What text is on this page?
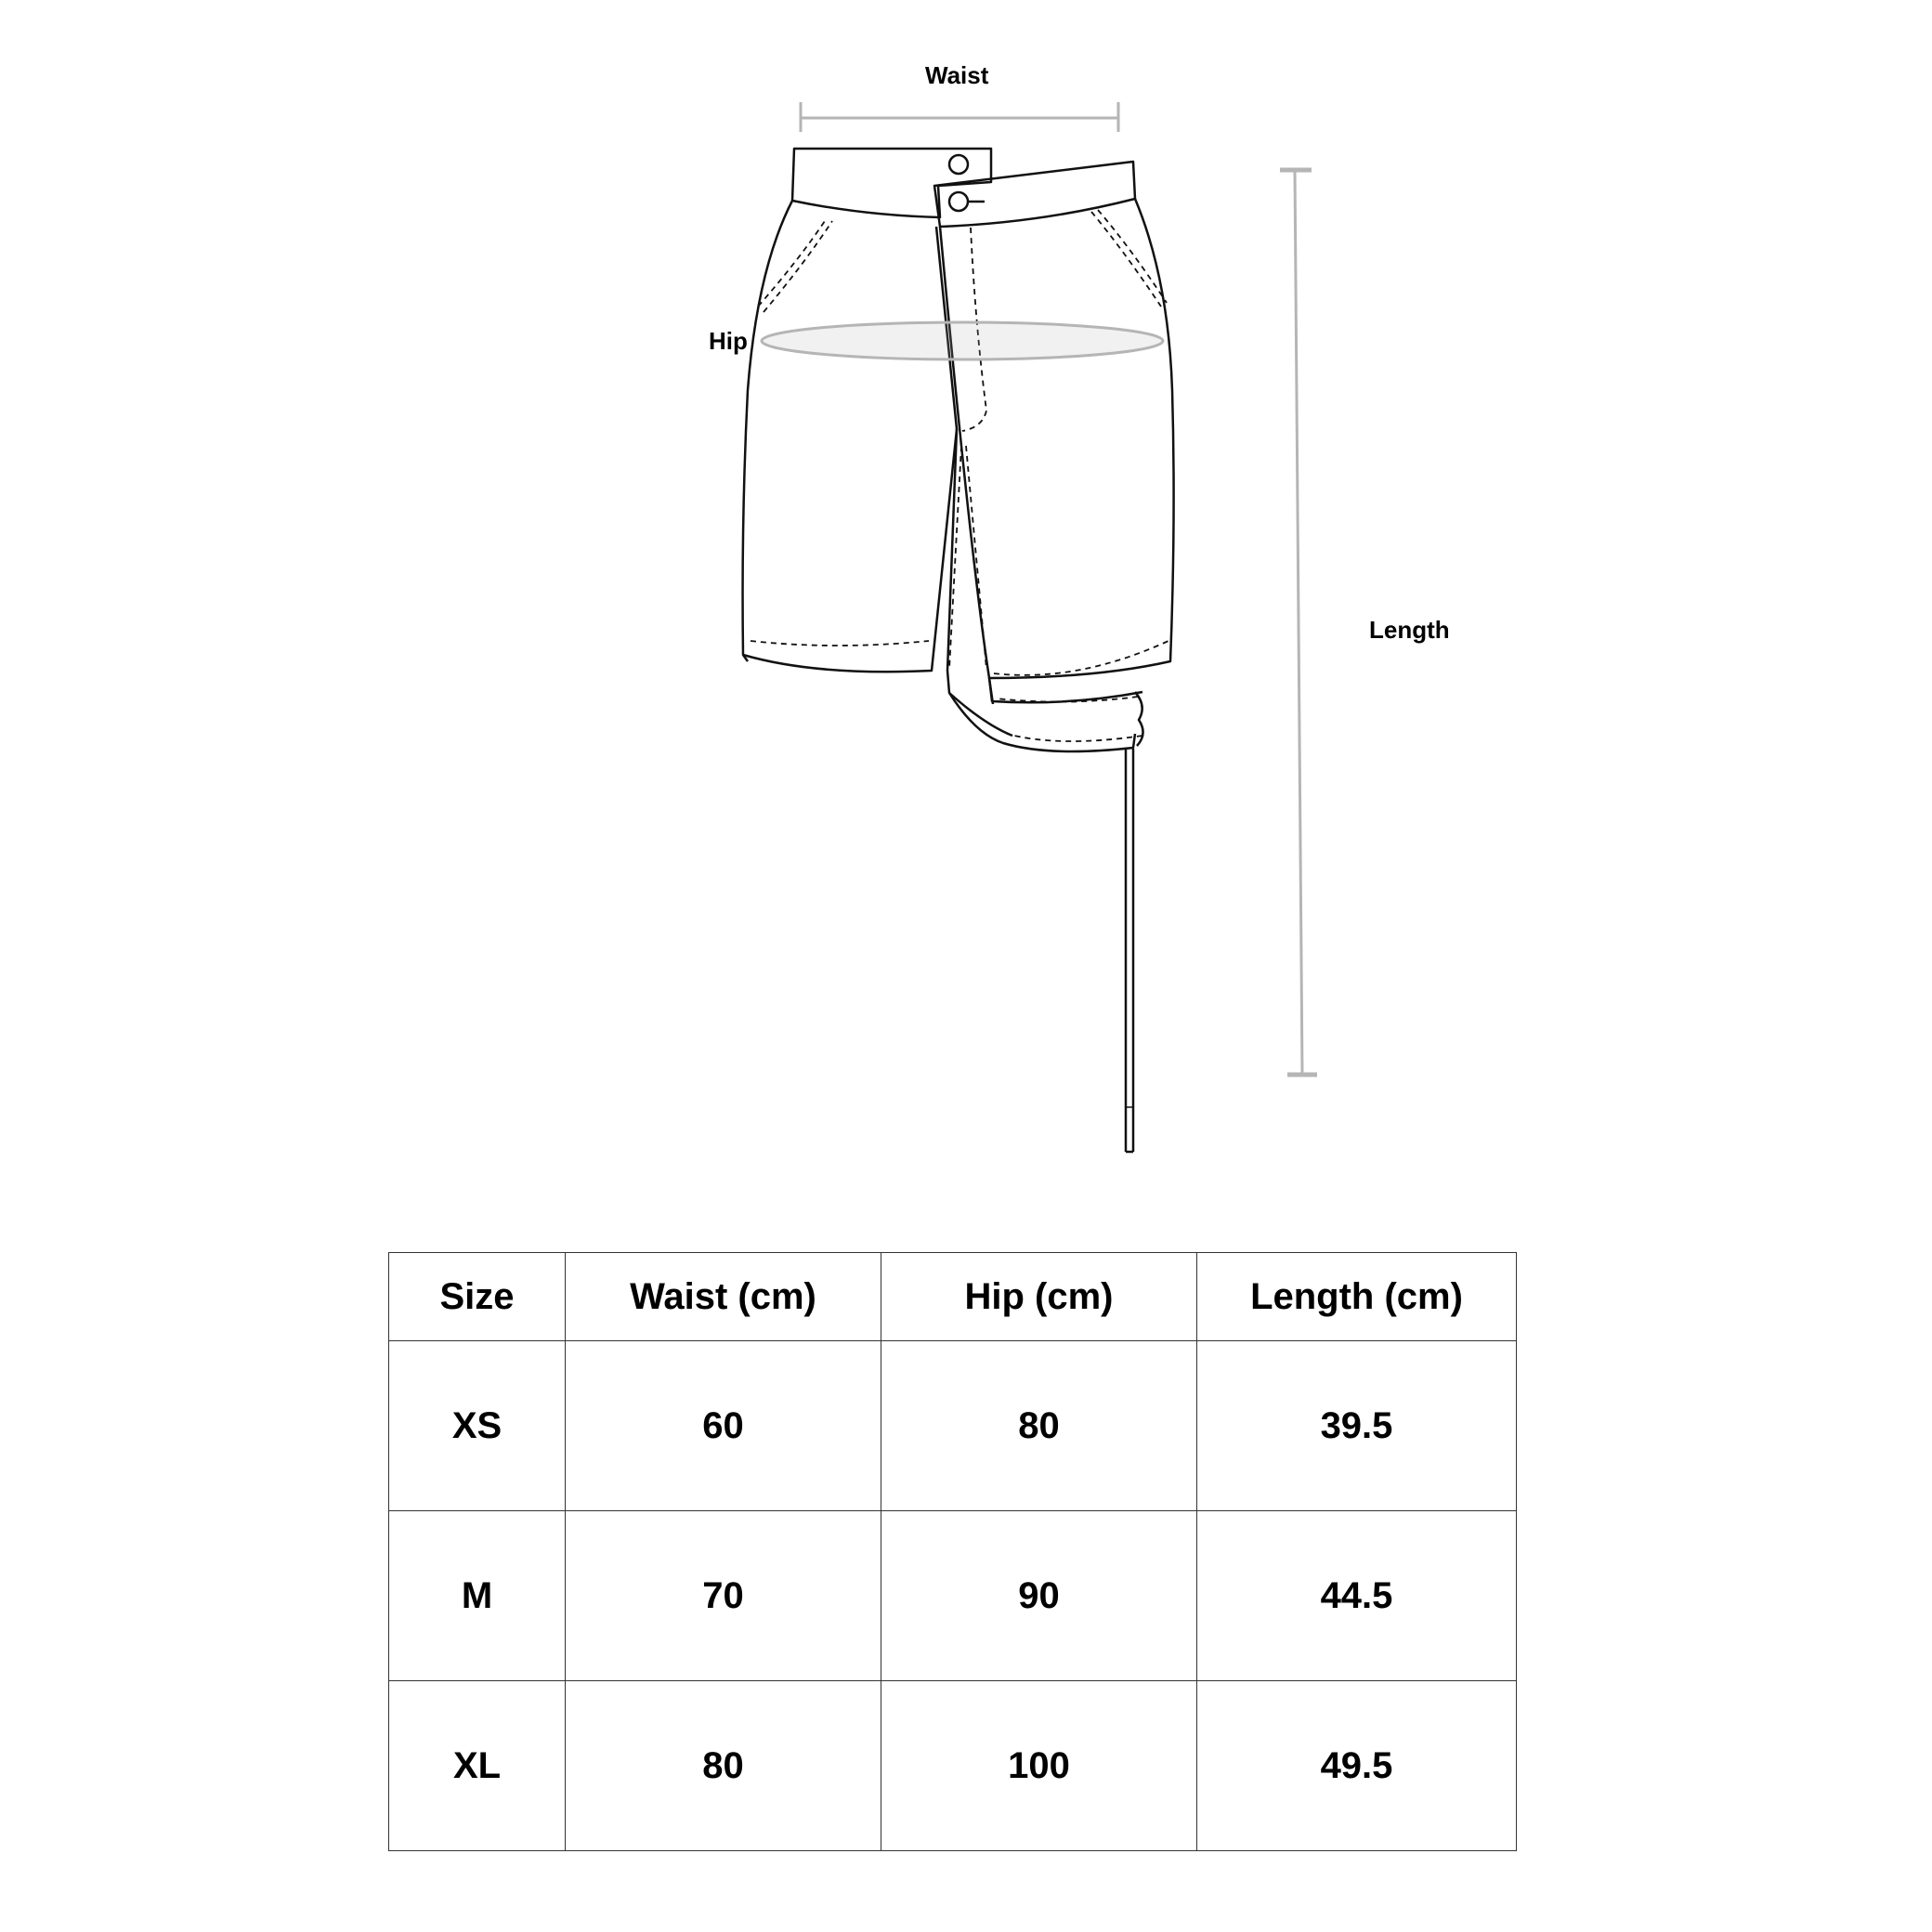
Waist
Hip
Length
Size	Waist (cm)	Hip (cm)	Length (cm)
XS	60	80	39.5
M	70	90	44.5
XL	80	100	49.5
